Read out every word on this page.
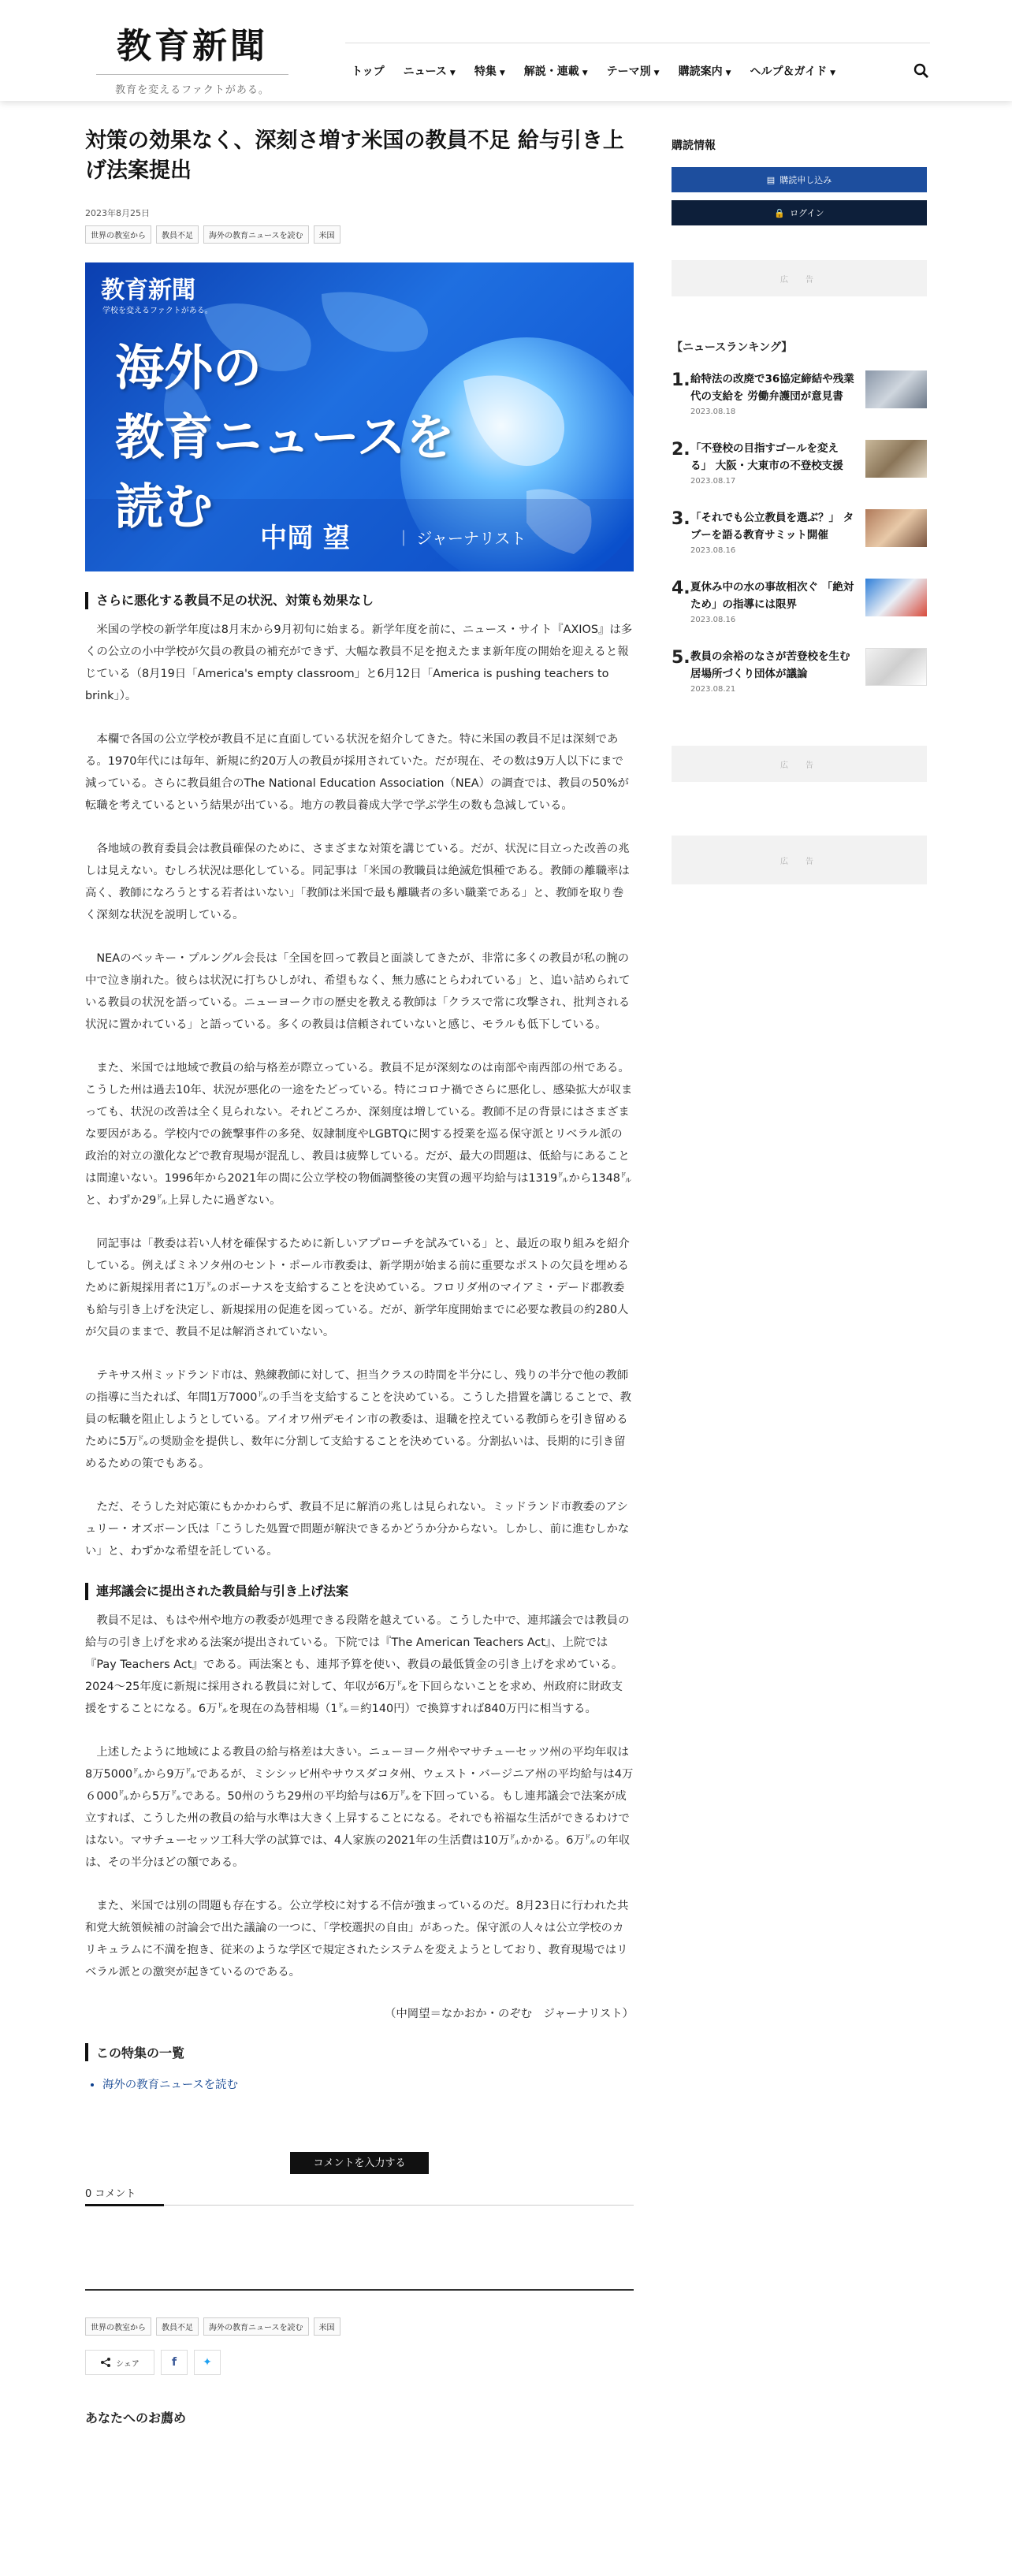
教育新聞
教育を変えるファクトがある。
トップ ニュース ▼ 特集 ▼ 解説・連載 ▼ テーマ別 ▼ 購読案内 ▼ ヘルプ＆ガイド ▼
対策の効果なく、深刻さ増す米国の教員不足 給与引き上げ法案提出
2023年8月25日
世界の教室から	教員不足	海外の教育ニュースを読む	米国
教育新聞
学校を変えるファクトがある。
海外の
教育ニュースを
読む
中岡 望	｜ ジャーナリスト
さらに悪化する教員不足の状況、対策も効果なし

米国の学校の新学年度は8月末から9月初旬に始まる。新学年度を前に、ニュース・サイト『AXIOS』は多くの公立の小中学校が欠員の教員の補充ができず、大幅な教員不足を抱えたまま新年度の開始を迎えると報じている（8月19日「America's empty classroom」と6月12日「America is pushing teachers to brink」）。

本欄で各国の公立学校が教員不足に直面している状況を紹介してきた。特に米国の教員不足は深刻である。1970年代には毎年、新規に約20万人の教員が採用されていた。だが現在、その数は9万人以下にまで減っている。さらに教員組合のThe National Education Association（NEA）の調査では、教員の50%が転職を考えているという結果が出ている。地方の教員養成大学で学ぶ学生の数も急減している。

各地域の教育委員会は教員確保のために、さまざまな対策を講じている。だが、状況に目立った改善の兆しは見えない。むしろ状況は悪化している。同記事は「米国の教職員は絶滅危惧種である。教師の離職率は高く、教師になろうとする若者はいない」「教師は米国で最も離職者の多い職業である」と、教師を取り巻く深刻な状況を説明している。

NEAのベッキー・プルングル会長は「全国を回って教員と面談してきたが、非常に多くの教員が私の腕の中で泣き崩れた。彼らは状況に打ちひしがれ、希望もなく、無力感にとらわれている」と、追い詰められている教員の状況を語っている。ニューヨーク市の歴史を教える教師は「クラスで常に攻撃され、批判される状況に置かれている」と語っている。多くの教員は信頼されていないと感じ、モラルも低下している。

また、米国では地域で教員の給与格差が際立っている。教員不足が深刻なのは南部や南西部の州である。こうした州は過去10年、状況が悪化の一途をたどっている。特にコロナ禍でさらに悪化し、感染拡大が収まっても、状況の改善は全く見られない。それどころか、深刻度は増している。教師不足の背景にはさまざまな要因がある。学校内での銃撃事件の多発、奴隷制度やLGBTQに関する授業を巡る保守派とリベラル派の政治的対立の激化などで教育現場が混乱し、教員は疲弊している。だが、最大の問題は、低給与にあることは間違いない。1996年から2021年の間に公立学校の物価調整後の実質の週平均給与は1319㌦から1348㌦と、わずか29㌦上昇したに過ぎない。

同記事は「教委は若い人材を確保するために新しいアプローチを試みている」と、最近の取り組みを紹介している。例えばミネソタ州のセント・ポール市教委は、新学期が始まる前に重要なポストの欠員を埋めるために新規採用者に1万㌦のボーナスを支給することを決めている。フロリダ州のマイアミ・デード郡教委も給与引き上げを決定し、新規採用の促進を図っている。だが、新学年度開始までに必要な教員の約280人が欠員のままで、教員不足は解消されていない。

テキサス州ミッドランド市は、熟練教師に対して、担当クラスの時間を半分にし、残りの半分で他の教師の指導に当たれば、年間1万7000㌦の手当を支給することを決めている。こうした措置を講じることで、教員の転職を阻止しようとしている。アイオワ州デモイン市の教委は、退職を控えている教師らを引き留めるために5万㌦の奨励金を提供し、数年に分割して支給することを決めている。分割払いは、長期的に引き留めるための策でもある。

ただ、そうした対応策にもかかわらず、教員不足に解消の兆しは見られない。ミッドランド市教委のアシュリー・オズボーン氏は「こうした処置で問題が解決できるかどうか分からない。しかし、前に進むしかない」と、わずかな希望を託している。

連邦議会に提出された教員給与引き上げ法案

教員不足は、もはや州や地方の教委が処理できる段階を越えている。こうした中で、連邦議会では教員の給与の引き上げを求める法案が提出されている。下院では『The American Teachers Act』、上院では『Pay Teachers Act』である。両法案とも、連邦予算を使い、教員の最低賃金の引き上げを求めている。2024～25年度に新規に採用される教員に対して、年収が6万㌦を下回らないことを求め、州政府に財政支援をすることになる。6万㌦を現在の為替相場（1㌦＝約140円）で換算すれば840万円に相当する。

上述したように地域による教員の給与格差は大きい。ニューヨーク州やマサチューセッツ州の平均年収は8万5000㌦から9万㌦であるが、ミシシッピ州やサウスダコタ州、ウェスト・バージニア州の平均給与は4万６000㌦から5万㌦である。50州のうち29州の平均給与は6万㌦を下回っている。もし連邦議会で法案が成立すれば、こうした州の教員の給与水準は大きく上昇することになる。それでも裕福な生活ができるわけではない。マサチューセッツ工科大学の試算では、4人家族の2021年の生活費は10万㌦かかる。6万㌦の年収は、その半分ほどの額である。

また、米国では別の問題も存在する。公立学校に対する不信が強まっているのだ。8月23日に行われた共和党大統領候補の討論会で出た議論の一つに、「学校選択の自由」があった。保守派の人々は公立学校のカリキュラムに不満を抱き、従来のような学区で規定されたシステムを変えようとしており、教育現場ではリベラル派との激突が起きているのである。

（中岡望＝なかおか・のぞむ　ジャーナリスト）
この特集の一覧
• 海外の教育ニュースを読む
コメントを入力する
0 コメント
世界の教室から	教員不足	海外の教育ニュースを読む	米国
シェア	f	✦
あなたへのお薦め
購読情報
▤ 購読申し込み
🔒 ログイン
広　告
【ニュースランキング】
1. 給特法の改廃で36協定締結や残業代の支給を 労働弁護団が意見書
2023.08.18
2. 「不登校の目指すゴールを変える」 大阪・大東市の不登校支援
2023.08.17
3. 「それでも公立教員を選ぶ？」 タブーを語る教育サミット開催
2023.08.16
4. 夏休み中の水の事故相次ぐ 「絶対ため」の指導には限界
2023.08.16
5. 教員の余裕のなさが苦登校を生む 居場所づくり団体が議論
2023.08.21
広　告
広　告
